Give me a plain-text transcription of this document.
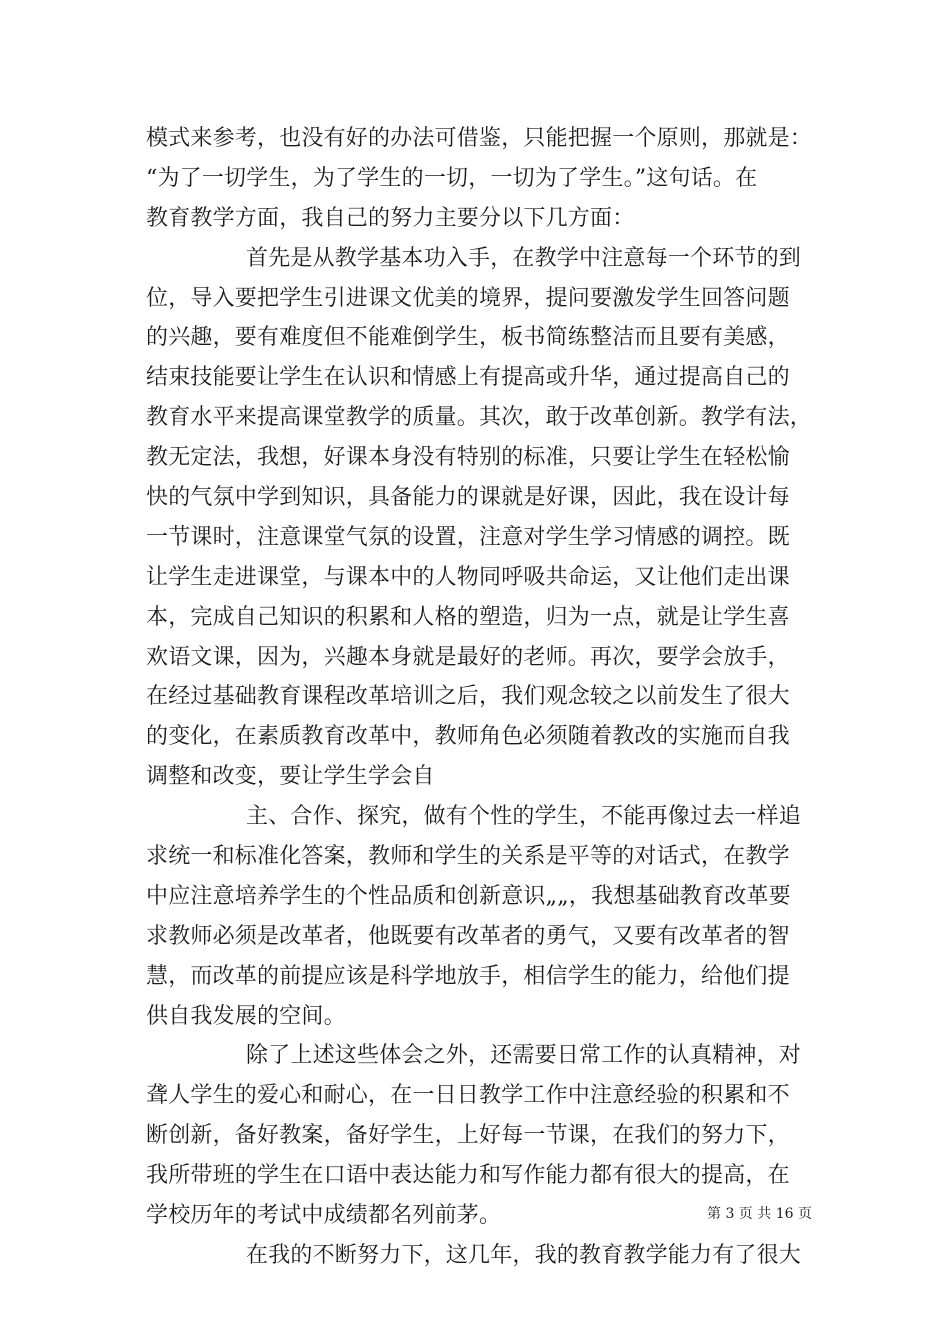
模式来参考，也没有好的办法可借鉴，只能把握一个原则，那就是：
“为了一切学生，为了学生的一切，一切为了学生。”这句话。在
教育教学方面，我自己的努力主要分以下几方面：
首先是从教学基本功入手，在教学中注意每一个环节的到
位，导入要把学生引进课文优美的境界，提问要激发学生回答问题
的兴趣，要有难度但不能难倒学生，板书简练整洁而且要有美感，
结束技能要让学生在认识和情感上有提高或升华，通过提高自己的
教育水平来提高课堂教学的质量。其次，敢于改革创新。教学有法，
教无定法，我想，好课本身没有特别的标准，只要让学生在轻松愉
快的气氛中学到知识，具备能力的课就是好课，因此，我在设计每
一节课时，注意课堂气氛的设置，注意对学生学习情感的调控。既
让学生走进课堂，与课本中的人物同呼吸共命运，又让他们走出课
本，完成自己知识的积累和人格的塑造，归为一点，就是让学生喜
欢语文课，因为，兴趣本身就是最好的老师。再次，要学会放手，
在经过基础教育课程改革培训之后，我们观念较之以前发生了很大
的变化，在素质教育改革中，教师角色必须随着教改的实施而自我
调整和改变，要让学生学会自
主、合作、探究，做有个性的学生，不能再像过去一样追
求统一和标准化答案，教师和学生的关系是平等的对话式，在教学
中应注意培养学生的个性品质和创新意识„„，我想基础教育改革要
求教师必须是改革者，他既要有改革者的勇气，又要有改革者的智
慧，而改革的前提应该是科学地放手，相信学生的能力，给他们提
供自我发展的空间。
除了上述这些体会之外，还需要日常工作的认真精神，对
聋人学生的爱心和耐心，在一日日教学工作中注意经验的积累和不
断创新，备好教案，备好学生，上好每一节课，在我们的努力下，
我所带班的学生在口语中表达能力和写作能力都有很大的提高，在
学校历年的考试中成绩都名列前茅。
在我的不断努力下，这几年，我的教育教学能力有了很大
第 3 页 共 16 页
